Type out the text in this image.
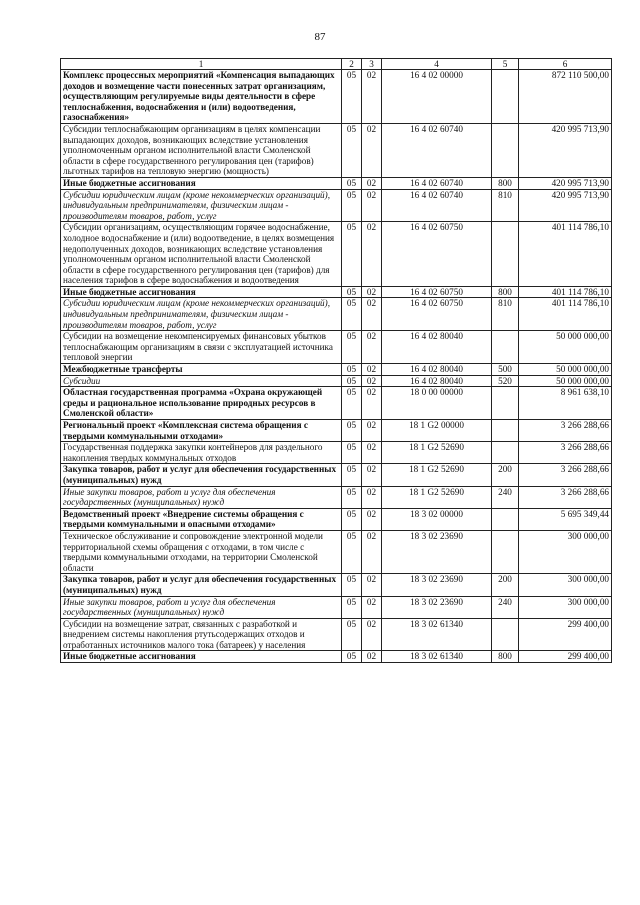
87
1	2	3	4	5	6
Комплекс процессных мероприятий «Компенсация выпадающих доходов и возмещение части понесенных затрат организациям, осуществляющим регулируемые виды деятельности в сфере теплоснабжения, водоснабжения и (или) водоотведения, газоснабжения»	05	02	16 4 02 00000		872 110 500,00
Субсидии теплоснабжающим организациям в целях компенсации выпадающих доходов, возникающих вследствие установления уполномоченным органом исполнительной власти Смоленской области в сфере государственного регулирования цен (тарифов) льготных тарифов на тепловую энергию (мощность)	05	02	16 4 02 60740		420 995 713,90
Иные бюджетные ассигнования	05	02	16 4 02 60740	800	420 995 713,90
Субсидии юридическим лицам (кроме некоммерческих организаций), индивидуальным предпринимателям, физическим лицам - производителям товаров, работ, услуг	05	02	16 4 02 60740	810	420 995 713,90
Субсидии организациям, осуществляющим горячее водоснабжение, холодное водоснабжение и (или) водоотведение, в целях возмещения недополученных доходов, возникающих вследствие установления уполномоченным органом исполнительной власти Смоленской области в сфере государственного регулирования цен (тарифов) для населения тарифов в сфере водоснабжения и водоотведения	05	02	16 4 02 60750		401 114 786,10
Иные бюджетные ассигнования	05	02	16 4 02 60750	800	401 114 786,10
Субсидии юридическим лицам (кроме некоммерческих организаций), индивидуальным предпринимателям, физическим лицам - производителям товаров, работ, услуг	05	02	16 4 02 60750	810	401 114 786,10
Субсидии на возмещение некомпенсируемых финансовых убытков теплоснабжающим организациям в связи с эксплуатацией источника тепловой энергии	05	02	16 4 02 80040		50 000 000,00
Межбюджетные трансферты	05	02	16 4 02 80040	500	50 000 000,00
Субсидии	05	02	16 4 02 80040	520	50 000 000,00
Областная государственная программа «Охрана окружающей среды и рациональное использование природных ресурсов в Смоленской области»	05	02	18 0 00 00000		8 961 638,10
Региональный проект «Комплексная система обращения с твердыми коммунальными отходами»	05	02	18 1 G2 00000		3 266 288,66
Государственная поддержка закупки контейнеров для раздельного накопления твердых коммунальных отходов	05	02	18 1 G2 52690		3 266 288,66
Закупка товаров, работ и услуг для обеспечения государственных (муниципальных) нужд	05	02	18 1 G2 52690	200	3 266 288,66
Иные закупки товаров, работ и услуг для обеспечения государственных (муниципальных) нужд	05	02	18 1 G2 52690	240	3 266 288,66
Ведомственный проект «Внедрение системы обращения с твердыми коммунальными и опасными отходами»	05	02	18 3 02 00000		5 695 349,44
Техническое обслуживание и сопровождение электронной модели территориальной схемы обращения с отходами, в том числе с твердыми коммунальными отходами, на территории Смоленской области	05	02	18 3 02 23690		300 000,00
Закупка товаров, работ и услуг для обеспечения государственных (муниципальных) нужд	05	02	18 3 02 23690	200	300 000,00
Иные закупки товаров, работ и услуг для обеспечения государственных (муниципальных) нужд	05	02	18 3 02 23690	240	300 000,00
Субсидии на возмещение затрат, связанных с разработкой и внедрением системы накопления ртутьсодержащих отходов и отработанных источников малого тока (батареек) у населения	05	02	18 3 02 61340		299 400,00
Иные бюджетные ассигнования	05	02	18 3 02 61340	800	299 400,00
